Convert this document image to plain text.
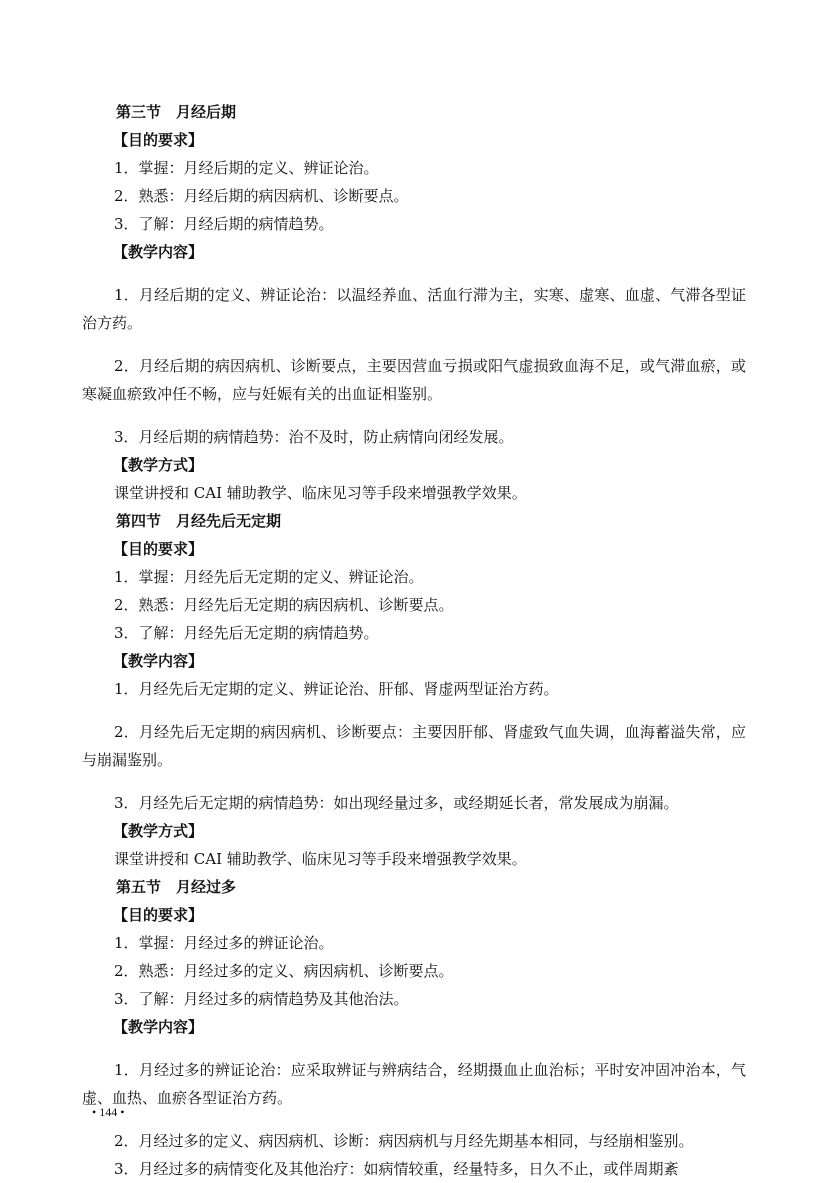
第三节　月经后期

【目的要求】

1．掌握：月经后期的定义、辨证论治。

2．熟悉：月经后期的病因病机、诊断要点。

3．了解：月经后期的病情趋势。

【教学内容】

1．月经后期的定义、辨证论治：以温经养血、活血行滞为主，实寒、虚寒、血虚、气滞各型证治方药。

2．月经后期的病因病机、诊断要点，主要因营血亏损或阳气虚损致血海不足，或气滞血瘀，或寒凝血瘀致冲任不畅，应与妊娠有关的出血证相鉴别。

3．月经后期的病情趋势：治不及时，防止病情向闭经发展。

【教学方式】

课堂讲授和 CAI 辅助教学、临床见习等手段来增强教学效果。

第四节　月经先后无定期

【目的要求】

1．掌握：月经先后无定期的定义、辨证论治。

2．熟悉：月经先后无定期的病因病机、诊断要点。

3．了解：月经先后无定期的病情趋势。

【教学内容】

1．月经先后无定期的定义、辨证论治、肝郁、肾虚两型证治方药。

2．月经先后无定期的病因病机、诊断要点：主要因肝郁、肾虚致气血失调，血海蓄溢失常，应与崩漏鉴别。

3．月经先后无定期的病情趋势：如出现经量过多，或经期延长者，常发展成为崩漏。

【教学方式】

课堂讲授和 CAI 辅助教学、临床见习等手段来增强教学效果。

第五节　月经过多

【目的要求】

1．掌握：月经过多的辨证论治。

2．熟悉：月经过多的定义、病因病机、诊断要点。

3．了解：月经过多的病情趋势及其他治法。

【教学内容】

1．月经过多的辨证论治：应采取辨证与辨病结合，经期摄血止血治标；平时安冲固冲治本，气虚、血热、血瘀各型证治方药。

2．月经过多的定义、病因病机、诊断：病因病机与月经先期基本相同，与经崩相鉴别。

3．月经过多的病情变化及其他治疗：如病情较重，经量特多，日久不止，或伴周期紊

• 144 •
